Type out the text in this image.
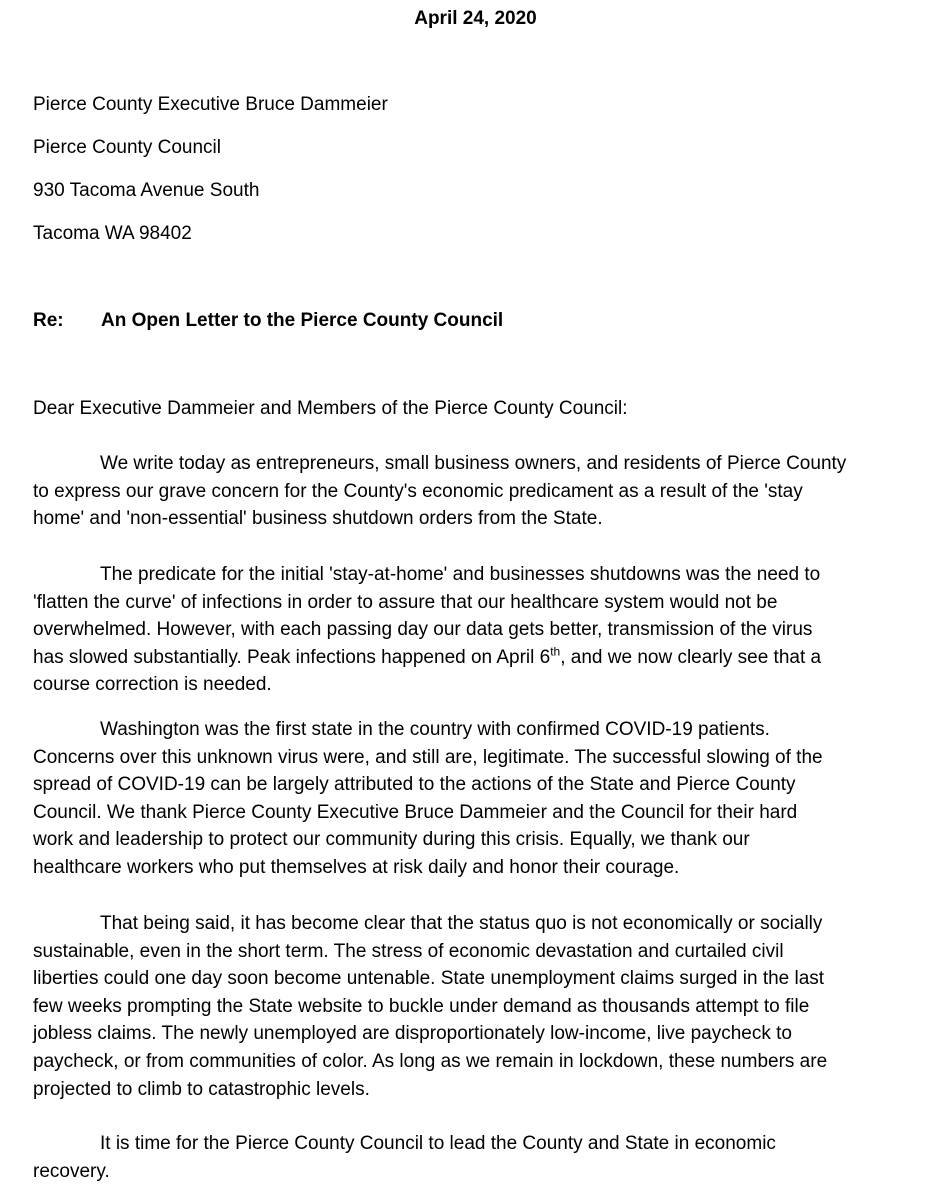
April 24, 2020
Pierce County Executive Bruce Dammeier
Pierce County Council
930 Tacoma Avenue South
Tacoma WA 98402
Re: An Open Letter to the Pierce County Council
Dear Executive Dammeier and Members of the Pierce County Council:

We write today as entrepreneurs, small business owners, and residents of Pierce County
to express our grave concern for the County's economic predicament as a result of the 'stay
home' and 'non-essential' business shutdown orders from the State.

The predicate for the initial 'stay-at-home' and businesses shutdowns was the need to
'flatten the curve' of infections in order to assure that our healthcare system would not be
overwhelmed. However, with each passing day our data gets better, transmission of the virus
has slowed substantially. Peak infections happened on April 6th, and we now clearly see that a
course correction is needed.

Washington was the first state in the country with confirmed COVID-19 patients.
Concerns over this unknown virus were, and still are, legitimate. The successful slowing of the
spread of COVID-19 can be largely attributed to the actions of the State and Pierce County
Council. We thank Pierce County Executive Bruce Dammeier and the Council for their hard
work and leadership to protect our community during this crisis. Equally, we thank our
healthcare workers who put themselves at risk daily and honor their courage.

That being said, it has become clear that the status quo is not economically or socially
sustainable, even in the short term. The stress of economic devastation and curtailed civil
liberties could one day soon become untenable. State unemployment claims surged in the last
few weeks prompting the State website to buckle under demand as thousands attempt to file
jobless claims. The newly unemployed are disproportionately low-income, live paycheck to
paycheck, or from communities of color. As long as we remain in lockdown, these numbers are
projected to climb to catastrophic levels.

It is time for the Pierce County Council to lead the County and State in economic
recovery.
